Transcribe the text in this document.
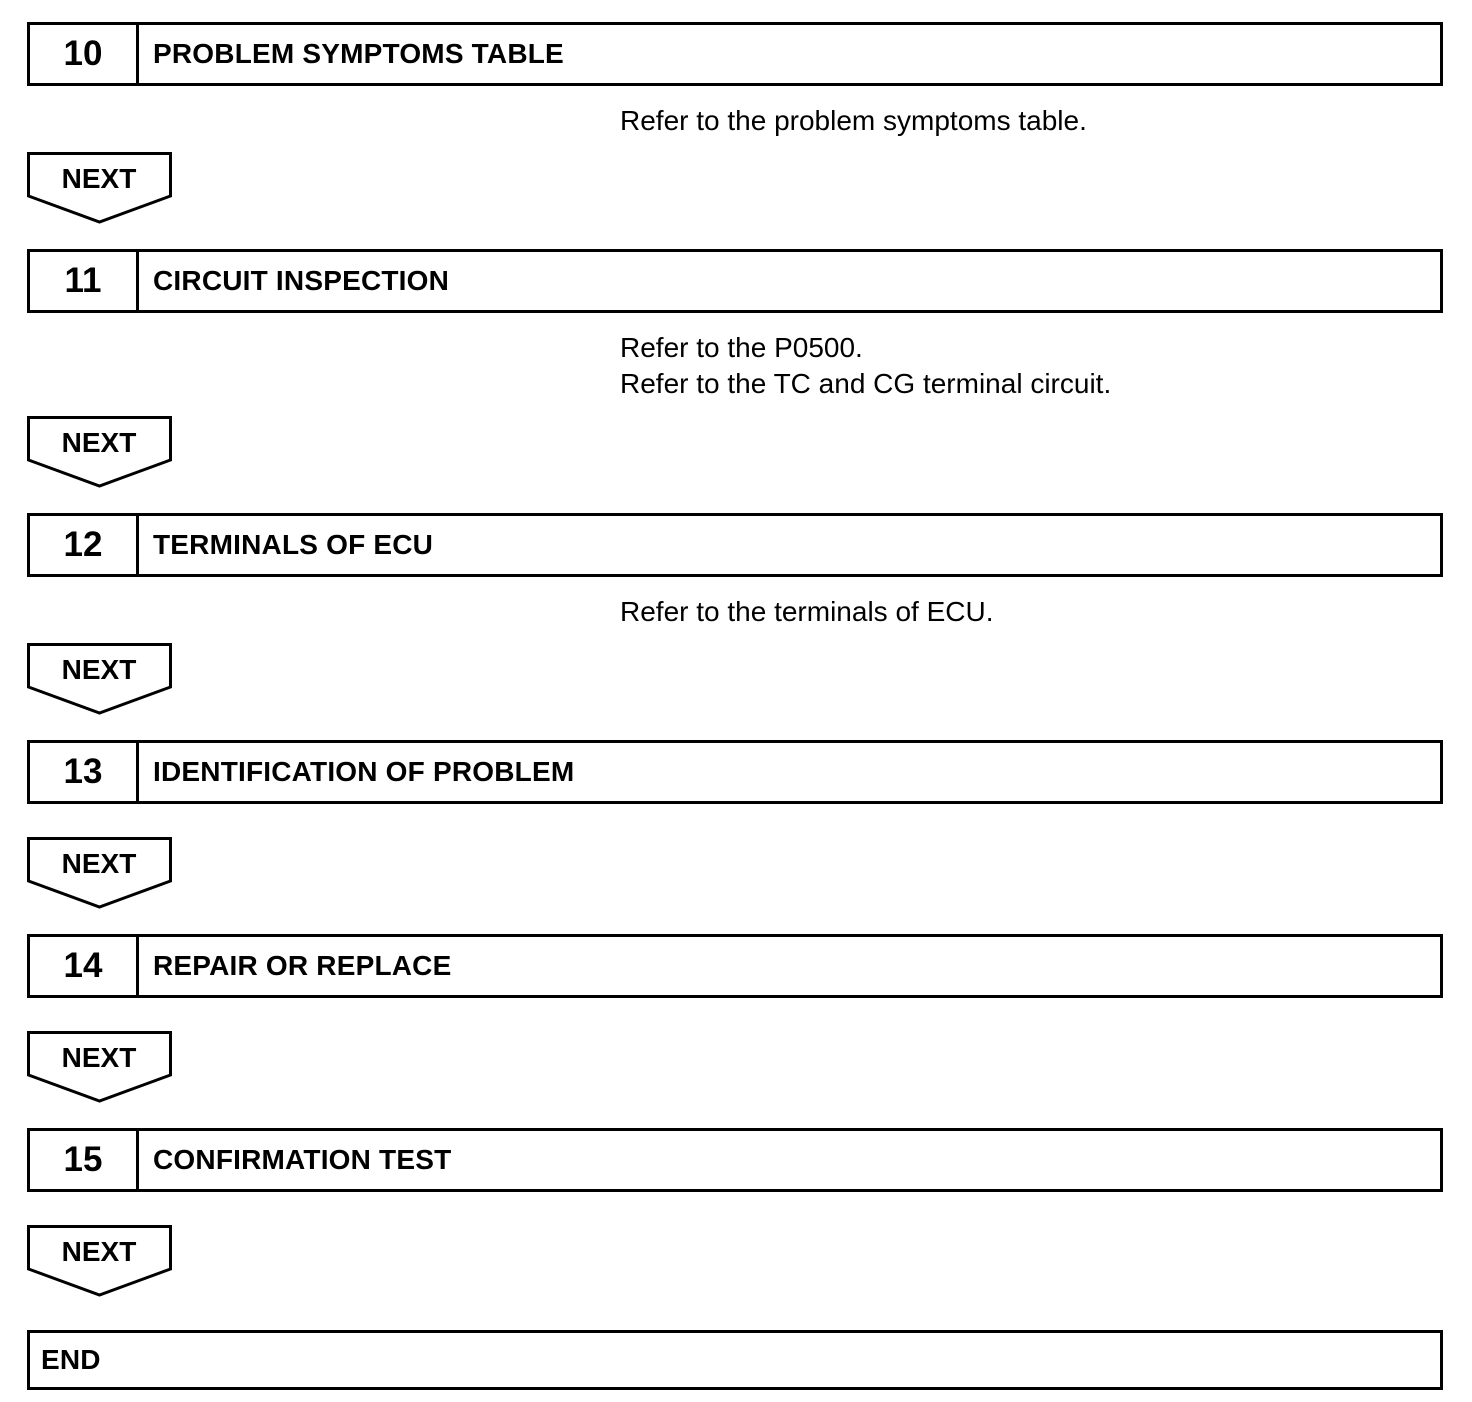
10	PROBLEM SYMPTOMS TABLE
Refer to the problem symptoms table.
NEXT
11	CIRCUIT INSPECTION
Refer to the P0500.
Refer to the TC and CG terminal circuit.
NEXT
12	TERMINALS OF ECU
Refer to the terminals of ECU.
NEXT
13	IDENTIFICATION OF PROBLEM
NEXT
14	REPAIR OR REPLACE
NEXT
15	CONFIRMATION TEST
NEXT
END
